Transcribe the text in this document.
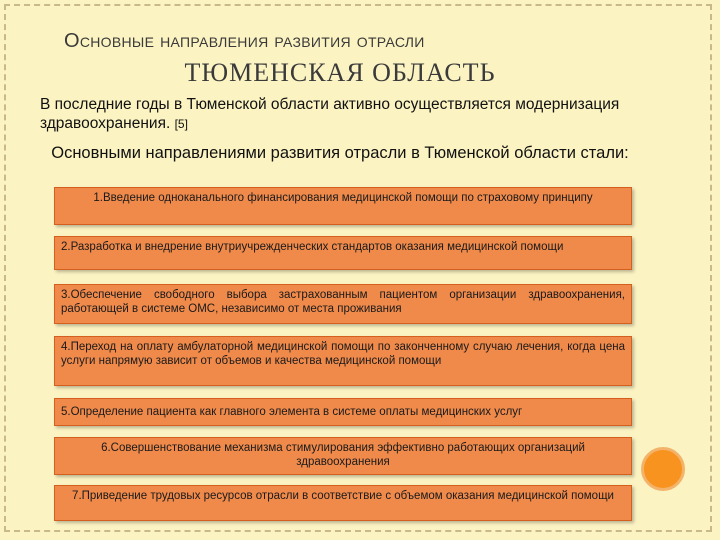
Основные направления развития отрасли
ТЮМЕНСКАЯ ОБЛАСТЬ
В последние годы в Тюменской области активно осуществляется модернизация здравоохранения. [5]
Основными направлениями развития отрасли в Тюменской области стали:
1.Введение одноканального финансирования медицинской помощи по страховому принципу
2.Разработка и внедрение внутриучрежденческих стандартов оказания медицинской помощи
3.Обеспечение свободного выбора застрахованным пациентом организации здравоохранения, работающей в системе ОМС, независимо от места проживания
4.Переход на оплату амбулаторной медицинской помощи по законченному случаю лечения, когда цена услуги напрямую зависит от объемов и качества медицинской помощи
5.Определение пациента как главного элемента в системе оплаты медицинских услуг
6.Совершенствование механизма стимулирования эффективно работающих организаций здравоохранения
7.Приведение трудовых ресурсов отрасли в соответствие с объемом оказания медицинской помощи
